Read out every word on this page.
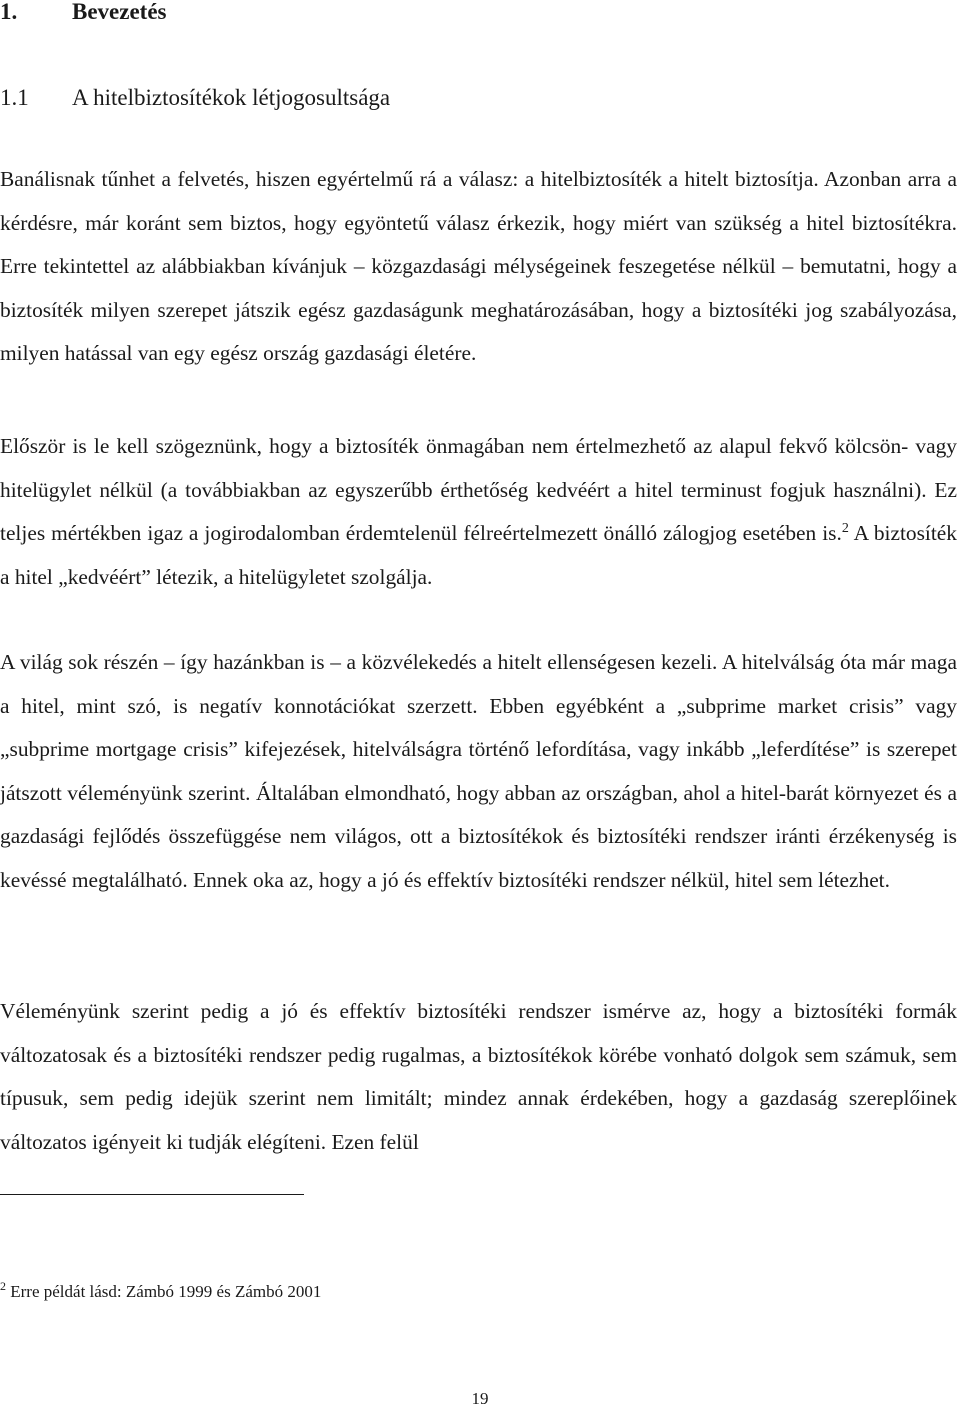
1. Bevezetés
1.1 A hitelbiztosítékok létjogosultsága

Banálisnak tűnhet a felvetés, hiszen egyértelmű rá a válasz: a hitelbiztosíték a hitelt biztosítja. Azonban arra a kérdésre, már koránt sem biztos, hogy egyöntetű válasz érkezik, hogy miért van szükség a hitel biztosítékra. Erre tekintettel az alábbiakban kívánjuk – közgazdasági mélységeinek feszegetése nélkül – bemutatni, hogy a biztosíték milyen szerepet játszik egész gazdaságunk meghatározásában, hogy a biztosítéki jog szabályozása, milyen hatással van egy egész ország gazdasági életére.

Először is le kell szögeznünk, hogy a biztosíték önmagában nem értelmezhető az alapul fekvő kölcsön- vagy hitelügylet nélkül (a továbbiakban az egyszerűbb érthetőség kedvéért a hitel terminust fogjuk használni). Ez teljes mértékben igaz a jogirodalomban érdemtelenül félreértelmezett önálló zálogjog esetében is.$^2$ A biztosíték a hitel „kedvéért” létezik, a hitelügyletet szolgálja.

A világ sok részén – így hazánkban is – a közvélekedés a hitelt ellenségesen kezeli. A hitelválság óta már maga a hitel, mint szó, is negatív konnotációkat szerzett. Ebben egyébként a „subprime market crisis” vagy „subprime mortgage crisis” kifejezések, hitelválságra történő lefordítása, vagy inkább „leferdítése” is szerepet játszott véleményünk szerint. Általában elmondható, hogy abban az országban, ahol a hitel-barát környezet és a gazdasági fejlődés összefüggése nem világos, ott a biztosítékok és biztosítéki rendszer iránti érzékenység is kevéssé megtalálható. Ennek oka az, hogy a jó és effektív biztosítéki rendszer nélkül, hitel sem létezhet.

Véleményünk szerint pedig a jó és effektív biztosítéki rendszer ismérve az, hogy a biztosítéki formák változatosak és a biztosítéki rendszer pedig rugalmas, a biztosítékok körébe vonható dolgok sem számuk, sem típusuk, sem pedig idejük szerint nem limitált; mindez annak érdekében, hogy a gazdaság szereplőinek változatos igényeit ki tudják elégíteni. Ezen felül

$^2$ Erre példát lásd: Zámbó 1999 és Zámbó 2001
19
